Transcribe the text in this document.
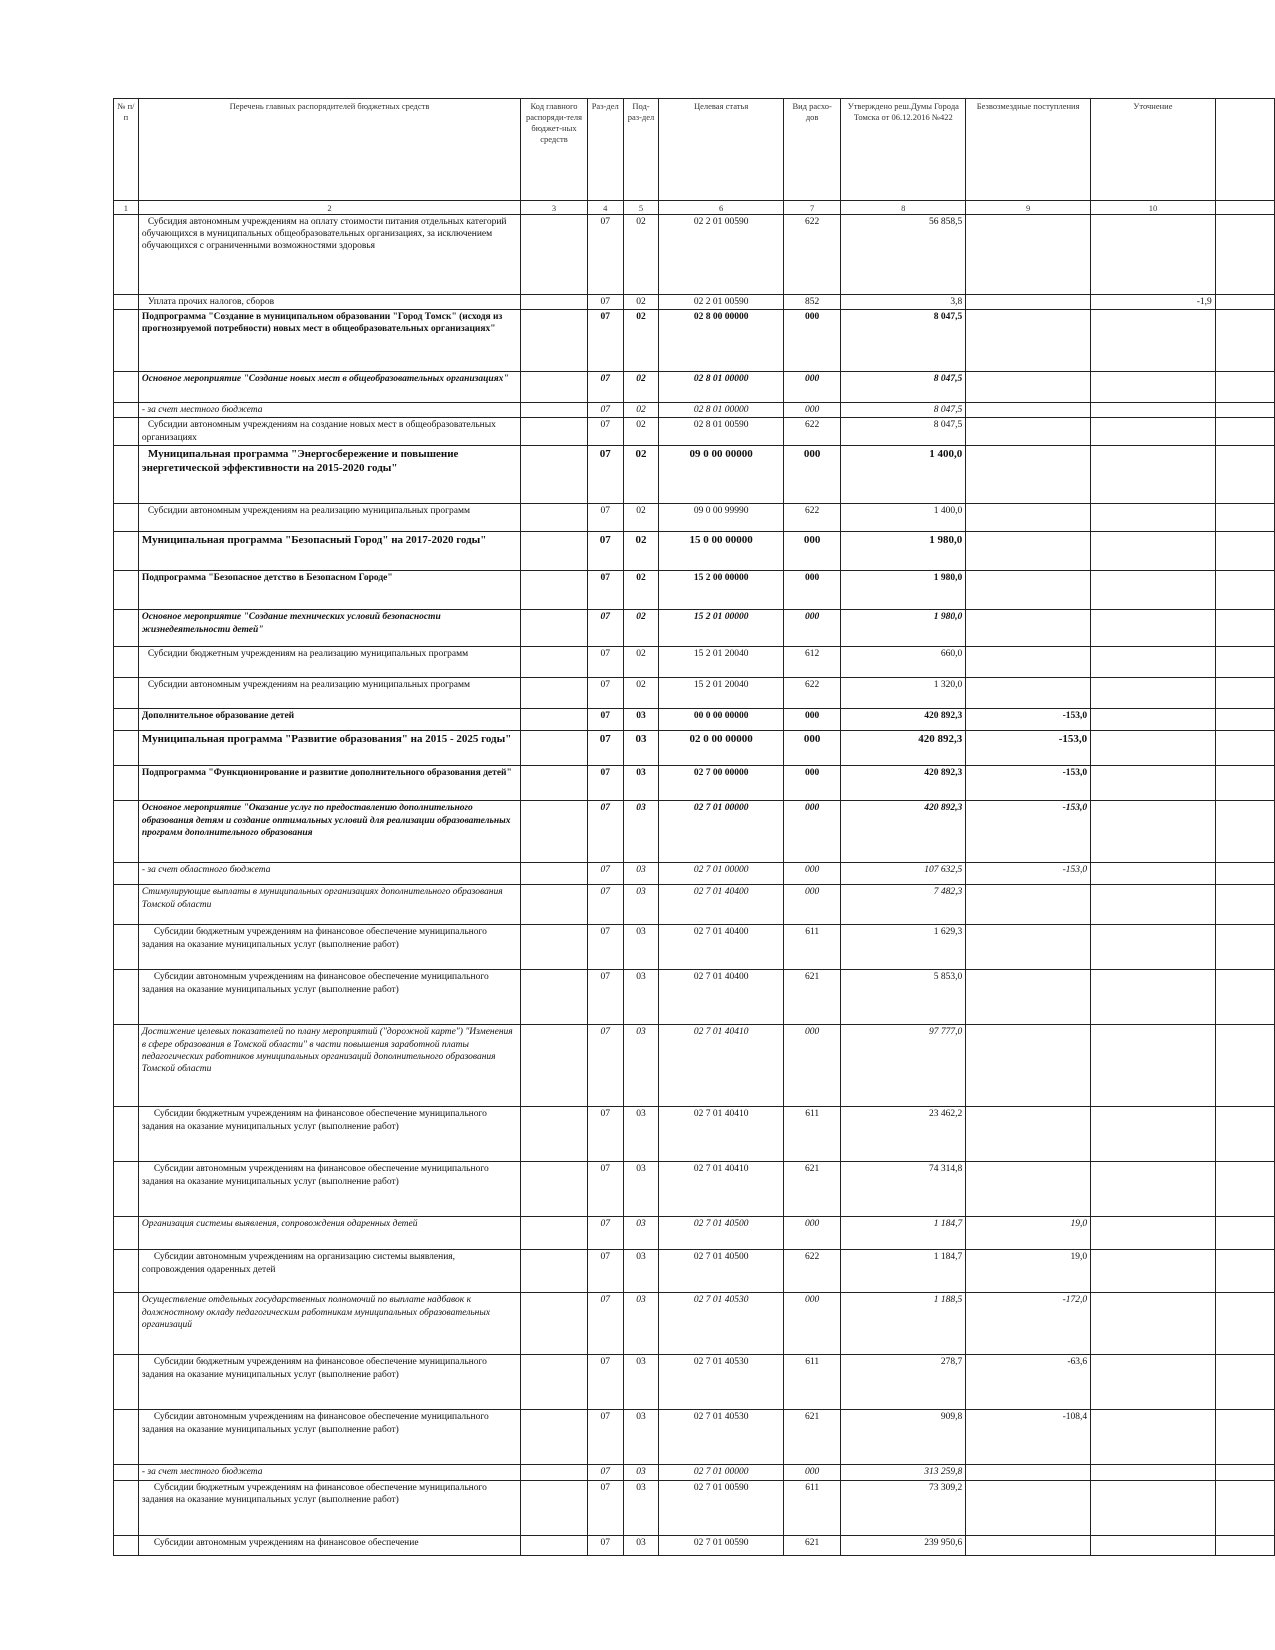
№ п/п	Перечень главных распорядителей бюджетных средств	Код главного распоряди-теля бюджет-ных средств	Раз-дел	Под-раз-дел	Целевая статья	Вид расхо-дов	Утверждено реш.Думы Города Томска от 06.12.2016 №422	Безвозмездные поступления	Уточнение	
1	2	3	4	5	6	7	8	9	10	
	Субсидия автономным учреждениям на оплату стоимости питания отдельных категорий обучающихся в муниципальных общеобразовательных организациях, за исключением обучающихся с ограниченными возможностями здоровья		07	02	02 2 01 00590	622	56 858,5			
	Уплата прочих налогов, сборов		07	02	02 2 01 00590	852	3,8		-1,9	
	Подпрограмма "Создание в муниципальном образовании "Город Томск" (исходя из прогнозируемой потребности) новых мест в общеобразовательных организациях"		07	02	02 8 00 00000	000	8 047,5			
	Основное мероприятие "Создание новых мест в общеобразовательных организациях"		07	02	02 8 01 00000	000	8 047,5			
	- за счет местного бюджета		07	02	02 8 01 00000	000	8 047,5			
	Субсидии автономным учреждениям на создание новых мест в общеобразовательных организациях		07	02	02 8 01 00590	622	8 047,5			
	Муниципальная программа "Энергосбережение и повышение энергетической эффективности на 2015-2020 годы"		07	02	09 0 00 00000	000	1 400,0			
	Субсидии автономным учреждениям на реализацию муниципальных программ		07	02	09 0 00 99990	622	1 400,0			
	Муниципальная программа "Безопасный Город" на 2017-2020 годы"		07	02	15 0 00 00000	000	1 980,0			
	Подпрограмма "Безопасное детство в Безопасном Городе"		07	02	15 2 00 00000	000	1 980,0			
	Основное мероприятие "Создание технических условий безопасности жизнедеятельности детей"		07	02	15 2 01 00000	000	1 980,0			
	Субсидии бюджетным учреждениям на реализацию муниципальных программ		07	02	15 2 01 20040	612	660,0			
	Субсидии автономным учреждениям на реализацию муниципальных программ		07	02	15 2 01 20040	622	1 320,0			
	Дополнительное образование детей		07	03	00 0 00 00000	000	420 892,3	-153,0		
	Муниципальная программа "Развитие образования" на 2015 - 2025 годы"		07	03	02 0 00 00000	000	420 892,3	-153,0		
	Подпрограмма "Функционирование и развитие дополнительного образования детей"		07	03	02 7 00 00000	000	420 892,3	-153,0		
	Основное мероприятие "Оказание услуг по предоставлению дополнительного образования детям и создание оптимальных условий для реализации образовательных программ дополнительного образования		07	03	02 7 01 00000	000	420 892,3	-153,0		
	- за счет областного бюджета		07	03	02 7 01 00000	000	107 632,5	-153,0		
	Стимулирующие выплаты в муниципальных организациях дополнительного образования Томской области		07	03	02 7 01 40400	000	7 482,3			
	Субсидии бюджетным учреждениям на финансовое обеспечение муниципального задания на оказание муниципальных услуг (выполнение работ)		07	03	02 7 01 40400	611	1 629,3			
	Субсидии автономным учреждениям на финансовое обеспечение муниципального задания на оказание муниципальных услуг (выполнение работ)		07	03	02 7 01 40400	621	5 853,0			
	Достижение целевых показателей по плану мероприятий ("дорожной карте") "Изменения в сфере образования в Томской области" в части повышения заработной платы педагогических работников муниципальных организаций дополнительного образования Томской области		07	03	02 7 01 40410	000	97 777,0			
	Субсидии бюджетным учреждениям на финансовое обеспечение муниципального задания на оказание муниципальных услуг (выполнение работ)		07	03	02 7 01 40410	611	23 462,2			
	Субсидии автономным учреждениям на финансовое обеспечение муниципального задания на оказание муниципальных услуг (выполнение работ)		07	03	02 7 01 40410	621	74 314,8			
	Организация системы выявления, сопровождения одаренных детей		07	03	02 7 01 40500	000	1 184,7	19,0		
	Субсидии автономным учреждениям на организацию системы выявления, сопровождения одаренных детей		07	03	02 7 01 40500	622	1 184,7	19,0		
	Осуществление отдельных государственных полномочий по выплате надбавок к должностному окладу педагогическим работникам муниципальных образовательных организаций		07	03	02 7 01 40530	000	1 188,5	-172,0		
	Субсидии бюджетным учреждениям на финансовое обеспечение муниципального задания на оказание муниципальных услуг (выполнение работ)		07	03	02 7 01 40530	611	278,7	-63,6		
	Субсидии автономным учреждениям на финансовое обеспечение муниципального задания на оказание муниципальных услуг (выполнение работ)		07	03	02 7 01 40530	621	909,8	-108,4		
	- за счет местного бюджета		07	03	02 7 01 00000	000	313 259,8			
	Субсидии бюджетным учреждениям на финансовое обеспечение муниципального задания на оказание муниципальных услуг (выполнение работ)		07	03	02 7 01 00590	611	73 309,2			
	Субсидии автономным учреждениям на финансовое обеспечение		07	03	02 7 01 00590	621	239 950,6			
